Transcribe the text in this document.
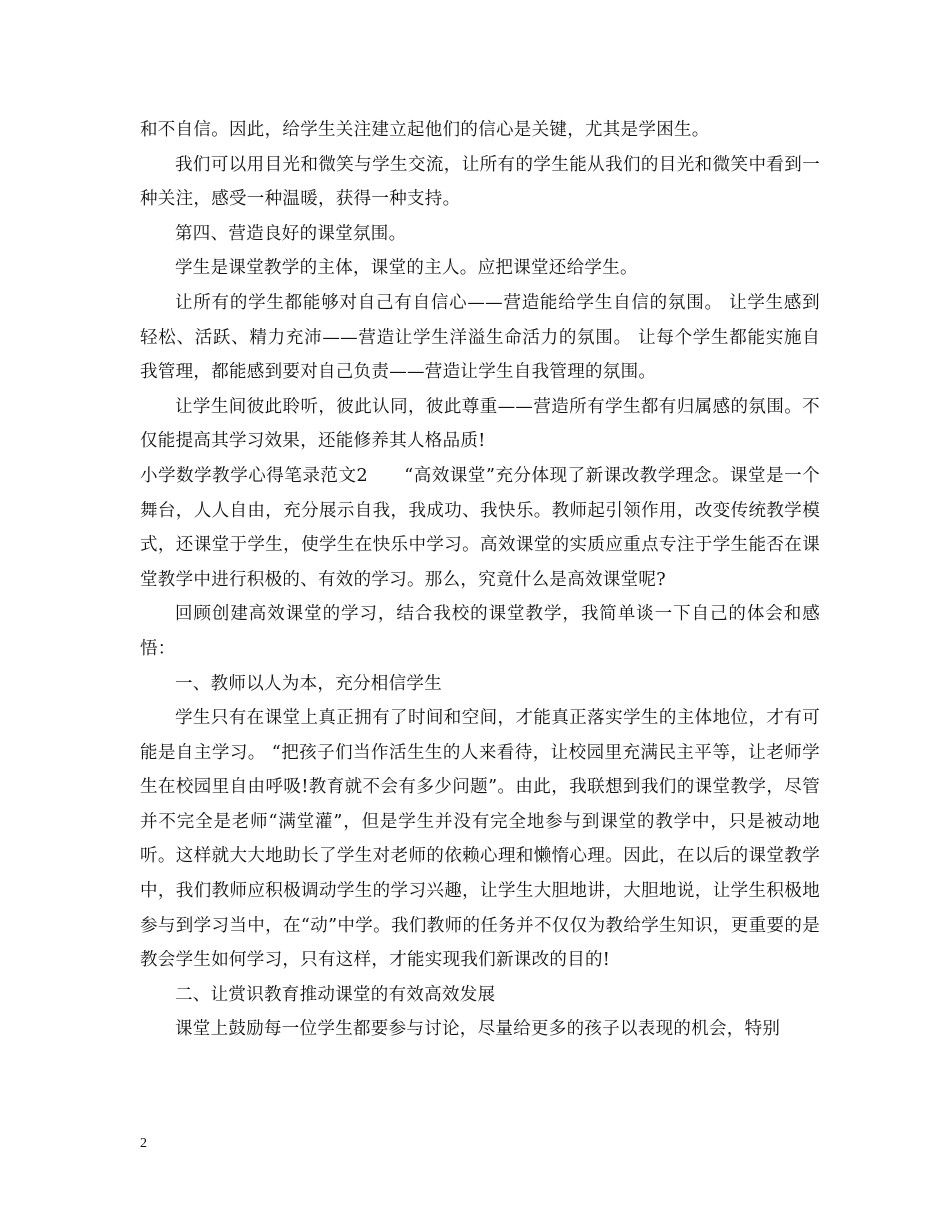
和不自信。因此，给学生关注建立起他们的信心是关键，尤其是学困生。

我们可以用目光和微笑与学生交流，让所有的学生能从我们的目光和微笑中看到一种关注，感受一种温暖，获得一种支持。

第四、营造良好的课堂氛围。

学生是课堂教学的主体，课堂的主人。应把课堂还给学生。

让所有的学生都能够对自己有自信心——营造能给学生自信的氛围。 让学生感到轻松、活跃、精力充沛——营造让学生洋溢生命活力的氛围。 让每个学生都能实施自我管理，都能感到要对自己负责——营造让学生自我管理的氛围。

让学生间彼此聆听，彼此认同，彼此尊重——营造所有学生都有归属感的氛围。不仅能提高其学习效果，还能修养其人格品质!

小学数学教学心得笔录范文2　　“高效课堂”充分体现了新课改教学理念。课堂是一个舞台，人人自由，充分展示自我，我成功、我快乐。教师起引领作用，改变传统教学模式，还课堂于学生，使学生在快乐中学习。高效课堂的实质应重点专注于学生能否在课堂教学中进行积极的、有效的学习。那么，究竟什么是高效课堂呢?

回顾创建高效课堂的学习，结合我校的课堂教学，我简单谈一下自己的体会和感悟：

一、教师以人为本，充分相信学生

学生只有在课堂上真正拥有了时间和空间，才能真正落实学生的主体地位，才有可能是自主学习。 “把孩子们当作活生生的人来看待，让校园里充满民主平等，让老师学生在校园里自由呼吸!教育就不会有多少问题”。由此，我联想到我们的课堂教学，尽管并不完全是老师“满堂灌”，但是学生并没有完全地参与到课堂的教学中，只是被动地听。这样就大大地助长了学生对老师的依赖心理和懒惰心理。因此，在以后的课堂教学中，我们教师应积极调动学生的学习兴趣，让学生大胆地讲，大胆地说，让学生积极地参与到学习当中，在“动”中学。我们教师的任务并不仅仅为教给学生知识，更重要的是教会学生如何学习，只有这样，才能实现我们新课改的目的!

二、让赏识教育推动课堂的有效高效发展

课堂上鼓励每一位学生都要参与讨论，尽量给更多的孩子以表现的机会，特别

2
